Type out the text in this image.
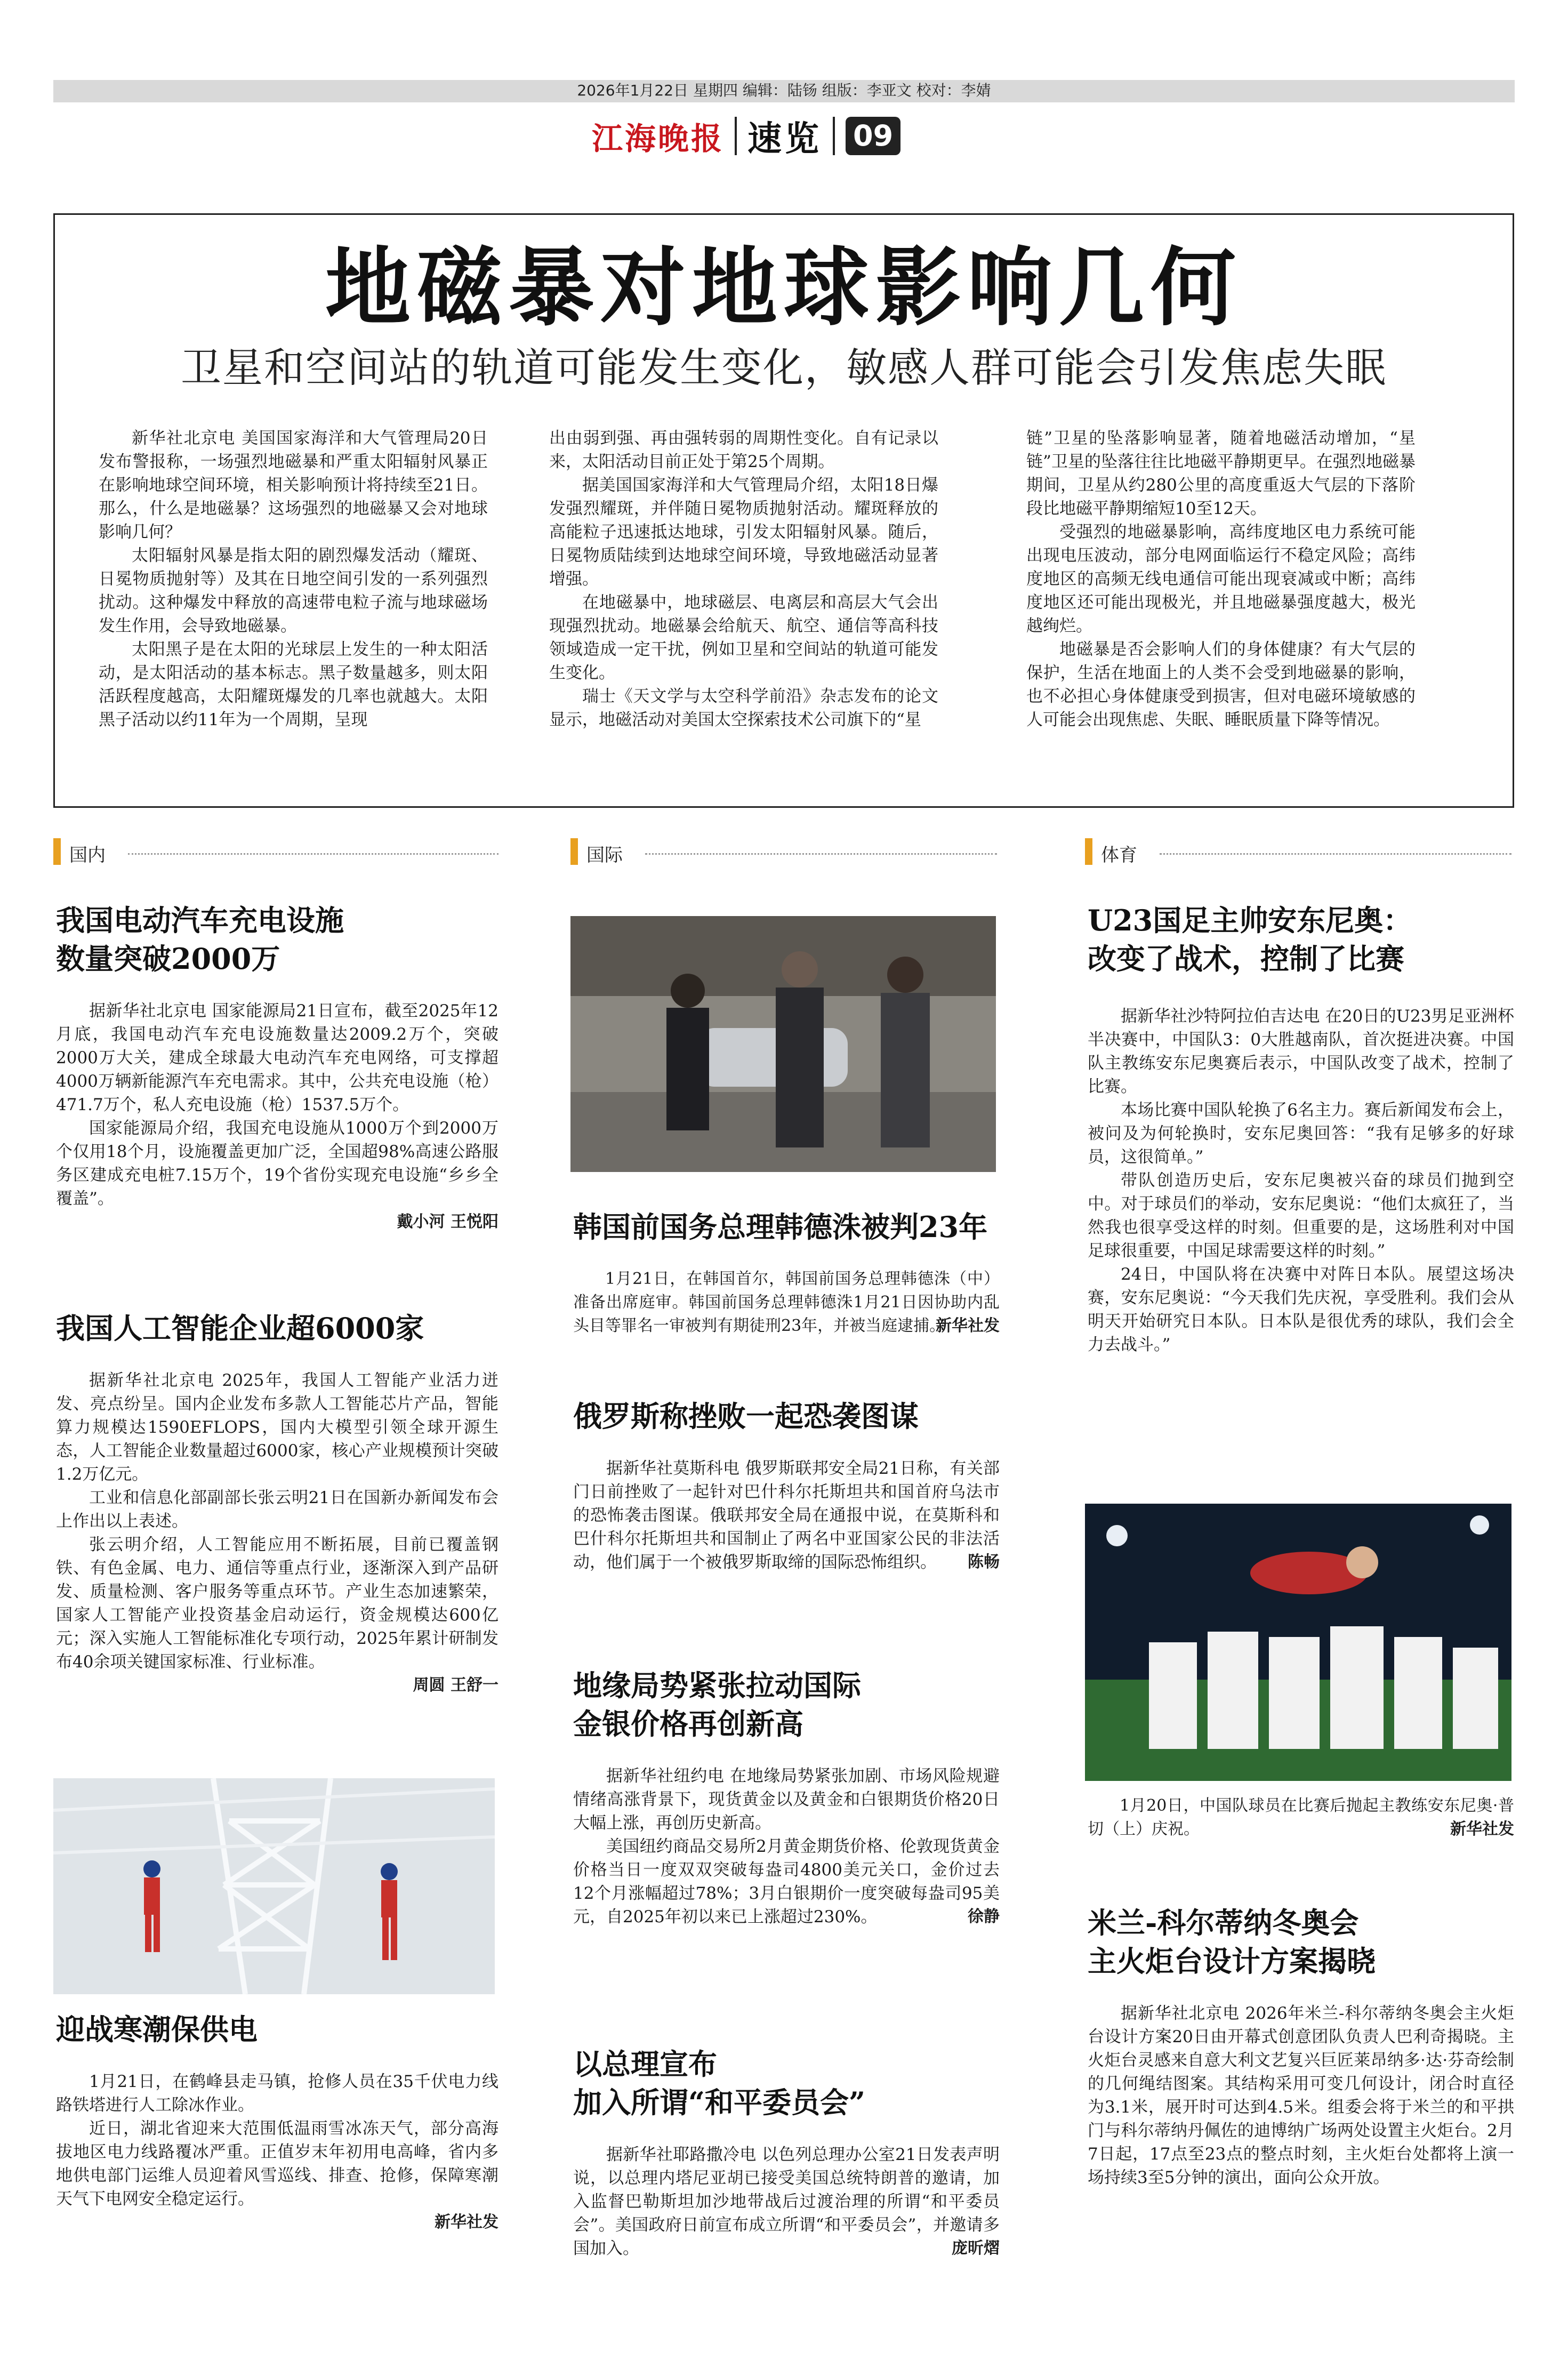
2026年1月22日 星期四 编辑：陆钖 组版：李亚文 校对：李婧
江海晚报 速览 09
地磁暴对地球影响几何
卫星和空间站的轨道可能发生变化，敏感人群可能会引发焦虑失眠

新华社北京电 美国国家海洋和大气管理局20日发布警报称，一场强烈地磁暴和严重太阳辐射风暴正在影响地球空间环境，相关影响预计将持续至21日。那么，什么是地磁暴？这场强烈的地磁暴又会对地球影响几何？

太阳辐射风暴是指太阳的剧烈爆发活动（耀斑、日冕物质抛射等）及其在日地空间引发的一系列强烈扰动。这种爆发中释放的高速带电粒子流与地球磁场发生作用，会导致地磁暴。

太阳黑子是在太阳的光球层上发生的一种太阳活动，是太阳活动的基本标志。黑子数量越多，则太阳活跃程度越高，太阳耀斑爆发的几率也就越大。太阳黑子活动以约11年为一个周期，呈现

出由弱到强、再由强转弱的周期性变化。自有记录以来，太阳活动目前正处于第25个周期。

据美国国家海洋和大气管理局介绍，太阳18日爆发强烈耀斑，并伴随日冕物质抛射活动。耀斑释放的高能粒子迅速抵达地球，引发太阳辐射风暴。随后，日冕物质陆续到达地球空间环境，导致地磁活动显著增强。

在地磁暴中，地球磁层、电离层和高层大气会出现强烈扰动。地磁暴会给航天、航空、通信等高科技领域造成一定干扰，例如卫星和空间站的轨道可能发生变化。

瑞士《天文学与太空科学前沿》杂志发布的论文显示，地磁活动对美国太空探索技术公司旗下的“星

链”卫星的坠落影响显著，随着地磁活动增加，“星链”卫星的坠落往往比地磁平静期更早。在强烈地磁暴期间，卫星从约280公里的高度重返大气层的下落阶段比地磁平静期缩短10至12天。

受强烈的地磁暴影响，高纬度地区电力系统可能出现电压波动，部分电网面临运行不稳定风险；高纬度地区的高频无线电通信可能出现衰减或中断；高纬度地区还可能出现极光，并且地磁暴强度越大，极光越绚烂。

地磁暴是否会影响人们的身体健康？有大气层的保护，生活在地面上的人类不会受到地磁暴的影响，也不必担心身体健康受到损害，但对电磁环境敏感的人可能会出现焦虑、失眠、睡眠质量下降等情况。

国内	国际	体育
我国电动汽车充电设施
数量突破2000万

据新华社北京电 国家能源局21日宣布，截至2025年12月底，我国电动汽车充电设施数量达2009.2万个，突破2000万大关，建成全球最大电动汽车充电网络，可支撑超4000万辆新能源汽车充电需求。其中，公共充电设施（枪）471.7万个，私人充电设施（枪）1537.5万个。

国家能源局介绍，我国充电设施从1000万个到2000万个仅用18个月，设施覆盖更加广泛，全国超98%高速公路服务区建成充电桩7.15万个，19个省份实现充电设施“乡乡全覆盖”。

戴小河 王悦阳
我国人工智能企业超6000家

据新华社北京电 2025年，我国人工智能产业活力迸发、亮点纷呈。国内企业发布多款人工智能芯片产品，智能算力规模达1590EFLOPS，国内大模型引领全球开源生态，人工智能企业数量超过6000家，核心产业规模预计突破1.2万亿元。

工业和信息化部副部长张云明21日在国新办新闻发布会上作出以上表述。

张云明介绍，人工智能应用不断拓展，目前已覆盖钢铁、有色金属、电力、通信等重点行业，逐渐深入到产品研发、质量检测、客户服务等重点环节。产业生态加速繁荣，国家人工智能产业投资基金启动运行，资金规模达600亿元；深入实施人工智能标准化专项行动，2025年累计研制发布40余项关键国家标准、行业标准。

周圆 王舒一
迎战寒潮保供电

1月21日，在鹤峰县走马镇，抢修人员在35千伏电力线路铁塔进行人工除冰作业。

近日，湖北省迎来大范围低温雨雪冰冻天气，部分高海拔地区电力线路覆冰严重。正值岁末年初用电高峰，省内多地供电部门运维人员迎着风雪巡线、排查、抢修，保障寒潮天气下电网安全稳定运行。

新华社发
韩国前国务总理韩德洙被判23年

1月21日，在韩国首尔，韩国前国务总理韩德洙（中）准备出席庭审。韩国前国务总理韩德洙1月21日因协助内乱头目等罪名一审被判有期徒刑23年，并被当庭逮捕。

新华社发
俄罗斯称挫败一起恐袭图谋

据新华社莫斯科电 俄罗斯联邦安全局21日称，有关部门日前挫败了一起针对巴什科尔托斯坦共和国首府乌法市的恐怖袭击图谋。俄联邦安全局在通报中说，在莫斯科和巴什科尔托斯坦共和国制止了两名中亚国家公民的非法活动，他们属于一个被俄罗斯取缔的国际恐怖组织。	陈畅
地缘局势紧张拉动国际
金银价格再创新高

据新华社纽约电 在地缘局势紧张加剧、市场风险规避情绪高涨背景下，现货黄金以及黄金和白银期货价格20日大幅上涨，再创历史新高。

美国纽约商品交易所2月黄金期货价格、伦敦现货黄金价格当日一度双双突破每盎司4800美元关口，金价过去12个月涨幅超过78%；3月白银期价一度突破每盎司95美元，自2025年初以来已上涨超过230%。	徐静
以总理宣布
加入所谓“和平委员会”

据新华社耶路撒冷电 以色列总理办公室21日发表声明说，以总理内塔尼亚胡已接受美国总统特朗普的邀请，加入监督巴勒斯坦加沙地带战后过渡治理的所谓“和平委员会”。美国政府日前宣布成立所谓“和平委员会”，并邀请多国加入。	庞昕熠
U23国足主帅安东尼奥：
改变了战术，控制了比赛

据新华社沙特阿拉伯吉达电 在20日的U23男足亚洲杯半决赛中，中国队3：0大胜越南队，首次挺进决赛。中国队主教练安东尼奥赛后表示，中国队改变了战术，控制了比赛。

本场比赛中国队轮换了6名主力。赛后新闻发布会上，被问及为何轮换时，安东尼奥回答：“我有足够多的好球员，这很简单。”

带队创造历史后，安东尼奥被兴奋的球员们抛到空中。对于球员们的举动，安东尼奥说：“他们太疯狂了，当然我也很享受这样的时刻。但重要的是，这场胜利对中国足球很重要，中国足球需要这样的时刻。”

24日，中国队将在决赛中对阵日本队。展望这场决赛，安东尼奥说：“今天我们先庆祝，享受胜利。我们会从明天开始研究日本队。日本队是很优秀的球队，我们会全力去战斗。”

1月20日，中国队球员在比赛后抛起主教练安东尼奥·普切（上）庆祝。	新华社发
米兰-科尔蒂纳冬奥会
主火炬台设计方案揭晓

据新华社北京电 2026年米兰-科尔蒂纳冬奥会主火炬台设计方案20日由开幕式创意团队负责人巴利奇揭晓。主火炬台灵感来自意大利文艺复兴巨匠莱昂纳多·达·芬奇绘制的几何绳结图案。其结构采用可变几何设计，闭合时直径为3.1米，展开时可达到4.5米。组委会将于米兰的和平拱门与科尔蒂纳丹佩佐的迪博纳广场两处设置主火炬台。2月7日起，17点至23点的整点时刻，主火炬台处都将上演一场持续3至5分钟的演出，面向公众开放。
